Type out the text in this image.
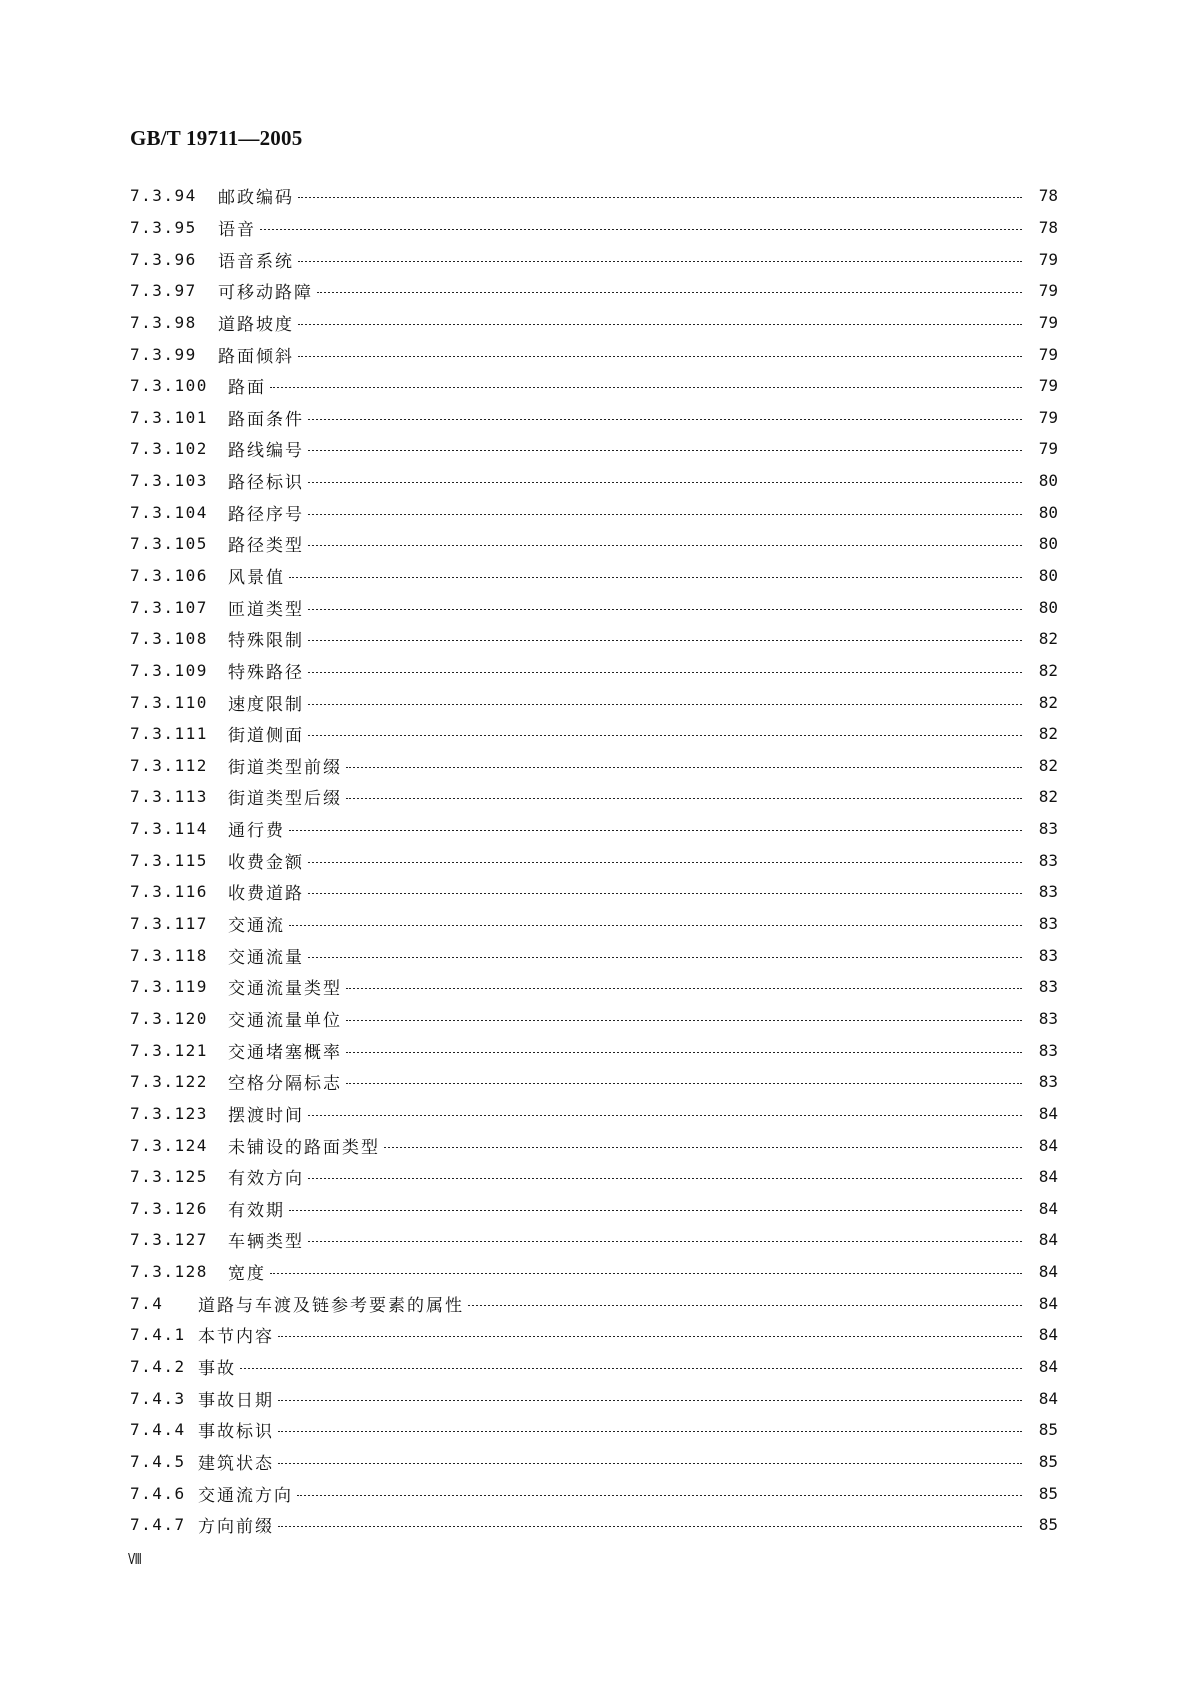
GB/T 19711—2005
7.3.94	邮政编码	78
7.3.95	语音	78
7.3.96	语音系统	79
7.3.97	可移动路障	79
7.3.98	道路坡度	79
7.3.99	路面倾斜	79
7.3.100	路面	79
7.3.101	路面条件	79
7.3.102	路线编号	79
7.3.103	路径标识	80
7.3.104	路径序号	80
7.3.105	路径类型	80
7.3.106	风景值	80
7.3.107	匝道类型	80
7.3.108	特殊限制	82
7.3.109	特殊路径	82
7.3.110	速度限制	82
7.3.111	街道侧面	82
7.3.112	街道类型前缀	82
7.3.113	街道类型后缀	82
7.3.114	通行费	83
7.3.115	收费金额	83
7.3.116	收费道路	83
7.3.117	交通流	83
7.3.118	交通流量	83
7.3.119	交通流量类型	83
7.3.120	交通流量单位	83
7.3.121	交通堵塞概率	83
7.3.122	空格分隔标志	83
7.3.123	摆渡时间	84
7.3.124	未铺设的路面类型	84
7.3.125	有效方向	84
7.3.126	有效期	84
7.3.127	车辆类型	84
7.3.128	宽度	84
7.4	道路与车渡及链参考要素的属性	84
7.4.1 本节内容	84
7.4.2 事故	84
7.4.3 事故日期	84
7.4.4 事故标识	85
7.4.5 建筑状态	85
7.4.6 交通流方向	85
7.4.7 方向前缀	85
Ⅷ
